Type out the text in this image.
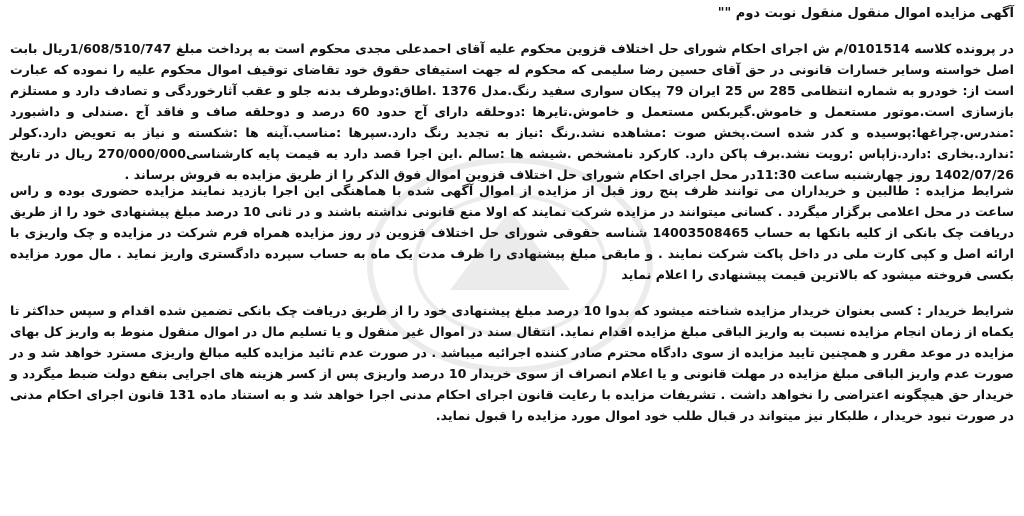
آگهی مزایده اموال منقول منقول نوبت دوم ""

در پرونده کلاسه 0101514/م ش اجرای احکام شورای حل اختلاف قزوین محکوم علیه آقای احمدعلی مجدی محکوم است به پرداخت مبلغ 1/608/510/747ریال بابت اصل خواسته وسایر خسارات قانونی در حق آقای حسین رضا سلیمی که محکوم له جهت استیفای حقوق خود تقاضای توقیف اموال محکوم علیه را نموده که عبارت است از: خودرو به شماره انتظامی 285 س 25 ایران 79 پیکان سواری سفید رنگ.مدل 1376 .اطاق:دوطرف بدنه جلو و عقب آثارخوردگی و تصادف دارد و مستلزم بازسازی است.موتور مستعمل و خاموش.گیربکس مستعمل و خاموش.تایرها :دوحلقه دارای آج حدود 60 درصد و دوحلقه صاف و فاقد آج .صندلی و داشبورد :مندرس.چراغها:پوسیده و کدر شده است.پخش صوت :مشاهده نشد.رنگ :نیاز به تجدید رنگ دارد.سپرها :مناسب.آینه ها :شکسته و نیاز به تعویض دارد.کولر :ندارد.بخاری :دارد.زاپاس :رویت نشد.برف پاکن دارد. کارکرد نامشخص .شیشه ها :سالم .این اجرا قصد دارد به قیمت پایه کارشناسی270/000/000 ریال در تاریخ 1402/07/26 روز چهارشنبه ساعت 11:30در محل اجرای احکام شورای حل اختلاف قزوین اموال فوق الذکر را از طریق مزایده به فروش برساند .

شرایط مزایده : طالبین و خریداران می توانند ظرف پنج روز قبل از مزایده از اموال آگهی شده با هماهنگی این اجرا بازدید نمایند مزایده حضوری بوده و راس ساعت در محل اعلامی برگزار میگردد . کسانی میتوانند در مزایده شرکت نمایند که اولا منع قانونی نداشته باشند و در ثانی 10 درصد مبلغ پیشنهادی خود را از طریق دریافت چک بانکی از کلیه بانکها به حساب 14003508465 شناسه حقوقی شورای حل اختلاف قزوین در روز مزایده همراه فرم شرکت در مزایده و چک واریزی با ارائه اصل و کپی کارت ملی در داخل پاکت شرکت نمایند . و مابقی مبلغ پیشنهادی را ظرف مدت یک ماه به حساب سپرده دادگستری واریز نماید . مال مورد مزایده بکسی فروخته میشود که بالاترین قیمت پیشنهادی را اعلام نماید

شرایط خریدار : کسی بعنوان خریدار مزایده شناخته میشود که بدوا 10 درصد مبلغ پیشنهادی خود را از طریق دریافت چک بانکی تضمین شده اقدام و سپس حداکثر تا یکماه از زمان انجام مزایده نسبت به واریز الباقی مبلغ مزایده اقدام نماید. انتقال سند در اموال غیر منقول و یا تسلیم مال در اموال منقول منوط به واریز کل بهای مزایده در موعد مقرر و همچنین تایید مزایده از سوی دادگاه محترم صادر کننده اجرائیه میباشد . در صورت عدم تائید مزایده کلیه مبالغ واریزی مسترد خواهد شد و در صورت عدم واریز الباقی مبلغ مزایده در مهلت قانونی و یا اعلام انصراف از سوی خریدار 10 درصد واریزی پس از کسر هزینه های اجرایی بنفع دولت ضبط میگردد و خریدار حق هیچگونه اعتراضی را نخواهد داشت . تشریفات مزایده با رعایت قانون اجرای احکام مدنی اجرا خواهد شد و به استناد ماده 131 قانون اجرای احکام مدنی در صورت نبود خریدار ، طلبکار نیز میتواند در قبال طلب خود اموال مورد مزایده را قبول نماید.
